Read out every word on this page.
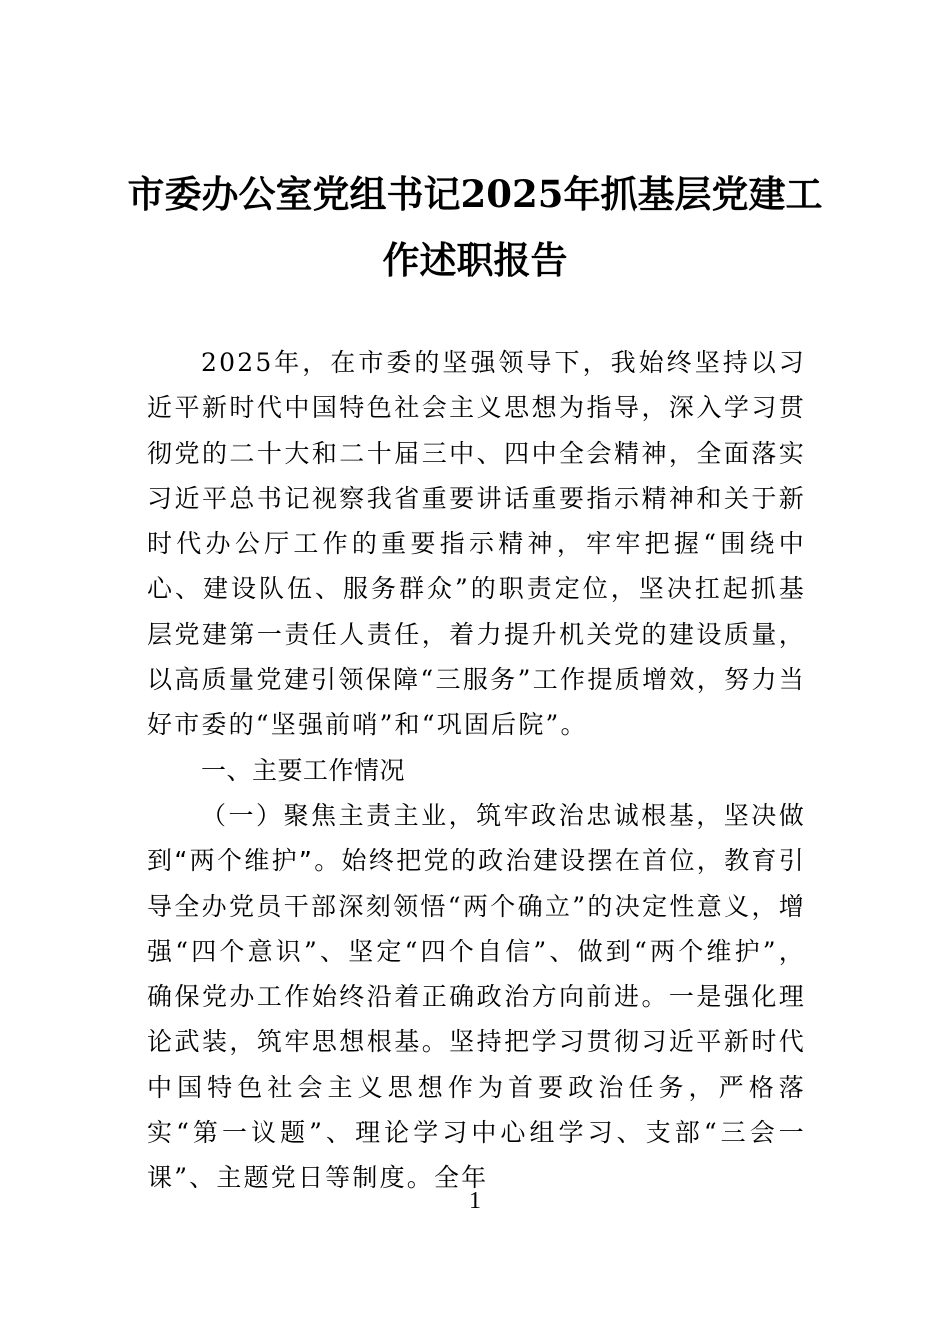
市委办公室党组书记2025年抓基层党建工
作述职报告

2025年，在市委的坚强领导下，我始终坚持以习近平新时代中国特色社会主义思想为指导，深入学习贯彻党的二十大和二十届三中、四中全会精神，全面落实习近平总书记视察我省重要讲话重要指示精神和关于新时代办公厅工作的重要指示精神，牢牢把握“围绕中心、建设队伍、服务群众”的职责定位，坚决扛起抓基层党建第一责任人责任，着力提升机关党的建设质量，以高质量党建引领保障“三服务”工作提质增效，努力当好市委的“坚强前哨”和“巩固后院”。

一、主要工作情况

（一）聚焦主责主业，筑牢政治忠诚根基，坚决做到“两个维护”。始终把党的政治建设摆在首位，教育引导全办党员干部深刻领悟“两个确立”的决定性意义，增强“四个意识”、坚定“四个自信”、做到“两个维护”，确保党办工作始终沿着正确政治方向前进。一是强化理论武装，筑牢思想根基。坚持把学习贯彻习近平新时代中国特色社会主义思想作为首要政治任务，严格落实“第一议题”、理论学习中心组学习、支部“三会一课”、主题党日等制度。全年

1
